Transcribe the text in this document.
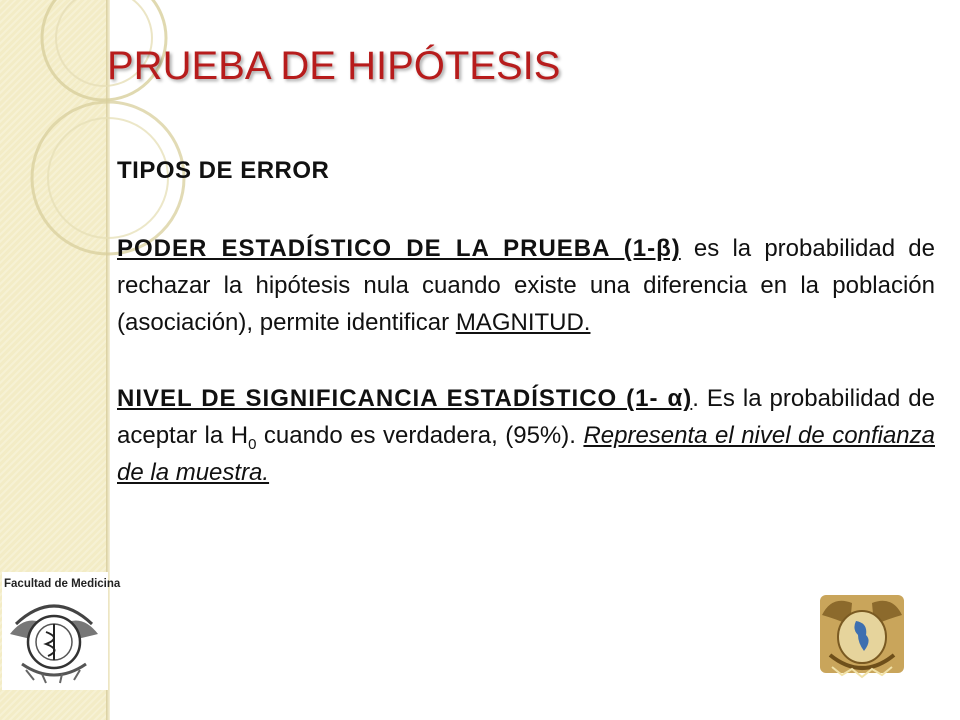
PRUEBA DE HIPÓTESIS

TIPOS DE ERROR

PODER ESTADÍSTICO DE LA PRUEBA (1-β) es la probabilidad de rechazar la hipótesis nula cuando existe una diferencia en la población (asociación), permite identificar MAGNITUD.

NIVEL DE SIGNIFICANCIA ESTADÍSTICO (1- α). Es la probabilidad de aceptar la $H_0$ cuando es verdadera, (95%). Representa el nivel de confianza de la muestra.

Facultad de Medicina
